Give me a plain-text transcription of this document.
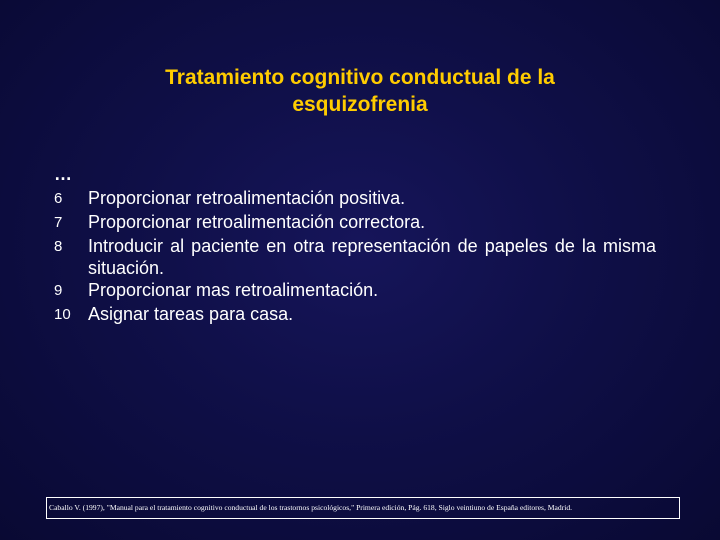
Tratamiento cognitivo conductual de la
esquizofrenia
…
6	Proporcionar retroalimentación positiva.
7	Proporcionar retroalimentación correctora.
8	Introducir al paciente en otra representación de papeles de la misma situación.
9	Proporcionar mas retroalimentación.
10 Asignar tareas para casa.
Caballo V. (1997), "Manual para el tratamiento cognitivo conductual de los trastornos psicológicos," Primera edición, Pág. 618, Siglo veintiuno de España editores, Madrid.
